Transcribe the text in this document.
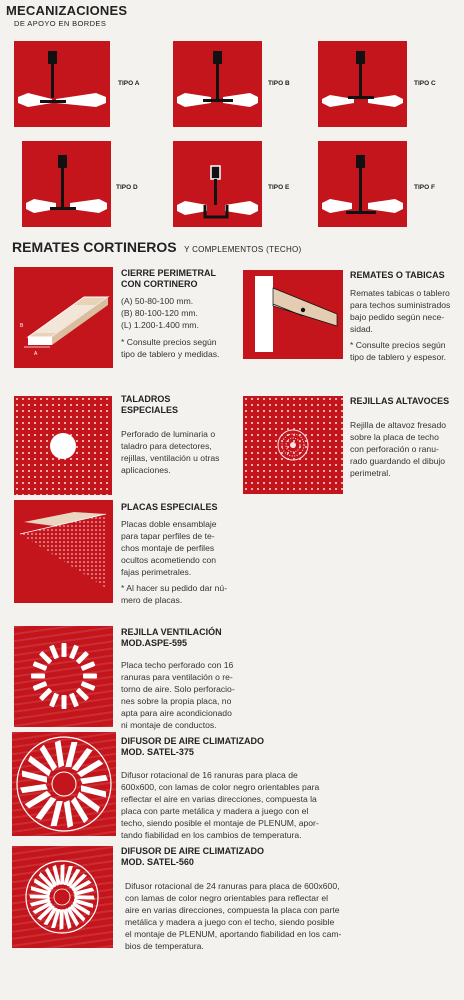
MECANIZACIONES
DE APOYO EN BORDES
TIPO A	TIPO B	TIPO C
TIPO D	TIPO E	TIPO F
REMATES CORTINEROS Y COMPLEMENTOS (TECHO)
A
B
CIERRE PERIMETRAL
CON CORTINERO
(A) 50-80-100 mm.
(B) 80-100-120 mm.
(L) 1.200-1.400 mm.
* Consulte precios según
tipo de tablero y medidas.
REMATES O TABICAS
Remates tabicas o tablero
para techos suministrados
bajo pedido según nece-
sidad.
* Consulte precios según
tipo de tablero y espesor.
TALADROS
ESPECIALES
Perforado de luminaria o
taladro para detectores,
rejillas, ventilación u otras
aplicaciones.
REJILLAS ALTAVOCES
Rejilla de altavoz fresado
sobre la placa de techo
con perforación o ranu-
rado guardando el dibujo
perimetral.
PLACAS ESPECIALES
Placas doble ensamblaje
para tapar perfiles de te-
chos montaje de perfiles
ocultos acometiendo con
fajas perimetrales.
* Al hacer su pedido dar nú-
mero de placas.
REJILLA VENTILACIÓN
MOD.ASPE-595
Placa techo perforado con 16
ranuras para ventilación o re-
torno de aire. Solo perforacio-
nes sobre la propia placa, no
apta para aire acondicionado
ni montaje de conductos.
DIFUSOR DE AIRE CLIMATIZADO
MOD. SATEL-375
Difusor rotacional de 16 ranuras para placa de
600x600, con lamas de color negro orientables para
reflectar el aire en varias direcciones, compuesta la
placa con parte metálica y madera a juego con el
techo, siendo posible el montaje de PLENUM, apor-
tando fiabilidad en los cambios de temperatura.
DIFUSOR DE AIRE CLIMATIZADO
MOD. SATEL-560
Difusor rotacional de 24 ranuras para placa de 600x600,
con lamas de color negro orientables para reflectar el
aire en varias direcciones, compuesta la placa con parte
metálica y madera a juego con el techo, siendo posible
el montaje de PLENUM, aportando fiabilidad en los cam-
bios de temperatura.
